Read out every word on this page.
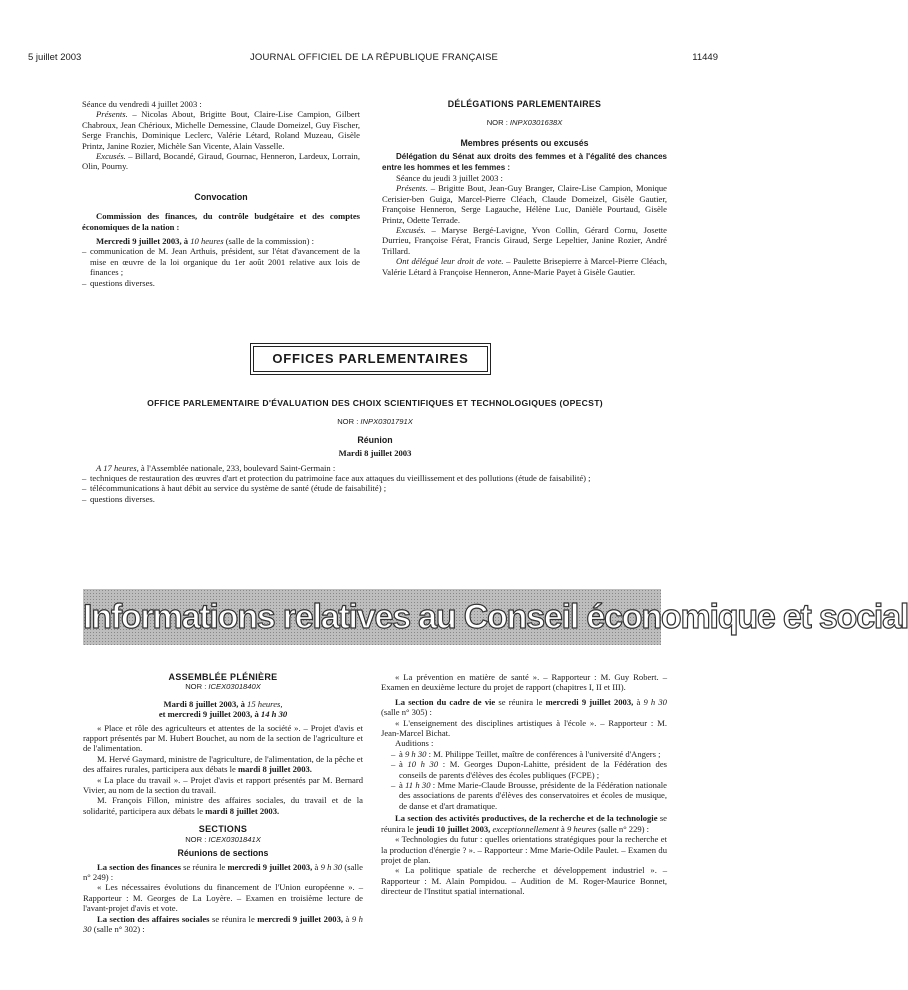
5 juillet 2003	JOURNAL OFFICIEL DE LA RÉPUBLIQUE FRANÇAISE	11449

Séance du vendredi 4 juillet 2003 :

Présents. – Nicolas About, Brigitte Bout, Claire-Lise Campion, Gilbert Chabroux, Jean Chérioux, Michelle Demessine, Claude Domeizel, Guy Fischer, Serge Franchis, Dominique Leclerc, Valérie Létard, Roland Muzeau, Gisèle Printz, Janine Rozier, Michèle San Vicente, Alain Vasselle.

Excusés. – Billard, Bocandé, Giraud, Gournac, Henneron, Lardeux, Lorrain, Olin, Pourny.

Convocation

Commission des finances, du contrôle budgétaire et des comptes économiques de la nation :

Mercredi 9 juillet 2003, à 10 heures (salle de la commission) :

– communication de M. Jean Arthuis, président, sur l'état d'avancement de la mise en œuvre de la loi organique du 1er août 2001 relative aux lois de finances ;
– questions diverses.

DÉLÉGATIONS PARLEMENTAIRES

NOR : INPX0301638X

Membres présents ou excusés

Délégation du Sénat aux droits des femmes et à l'égalité des chances entre les hommes et les femmes :

Séance du jeudi 3 juillet 2003 :

Présents. – Brigitte Bout, Jean-Guy Branger, Claire-Lise Campion, Monique Cerisier-ben Guiga, Marcel-Pierre Cléach, Claude Domeizel, Gisèle Gautier, Françoise Henneron, Serge Lagauche, Hélène Luc, Danièle Pourtaud, Gisèle Printz, Odette Terrade.

Excusés. – Maryse Bergé-Lavigne, Yvon Collin, Gérard Cornu, Josette Durrieu, Françoise Férat, Francis Giraud, Serge Lepeltier, Janine Rozier, André Trillard.

Ont délégué leur droit de vote. – Paulette Brisepierre à Marcel-Pierre Cléach, Valérie Létard à Françoise Henneron, Anne-Marie Payet à Gisèle Gautier.

OFFICES PARLEMENTAIRES

OFFICE PARLEMENTAIRE D'ÉVALUATION DES CHOIX SCIENTIFIQUES ET TECHNOLOGIQUES (OPECST)

NOR : INPX0301791X

Réunion

Mardi 8 juillet 2003

A 17 heures, à l'Assemblée nationale, 233, boulevard Saint-Germain :

– techniques de restauration des œuvres d'art et protection du patrimoine face aux attaques du vieillissement et des pollutions (étude de faisabilité) ;
– télécommunications à haut débit au service du système de santé (étude de faisabilité) ;
– questions diverses.
Informations relatives au Conseil économique et social

ASSEMBLÉE PLÉNIÈRE

NOR : ICEX0301840X

Mardi 8 juillet 2003, à 15 heures,

et mercredi 9 juillet 2003, à 14 h 30

« Place et rôle des agriculteurs et attentes de la société ». – Projet d'avis et rapport présentés par M. Hubert Bouchet, au nom de la section de l'agriculture et de l'alimentation.

M. Hervé Gaymard, ministre de l'agriculture, de l'alimentation, de la pêche et des affaires rurales, participera aux débats le mardi 8 juillet 2003.

« La place du travail ». – Projet d'avis et rapport présentés par M. Bernard Vivier, au nom de la section du travail.

M. François Fillon, ministre des affaires sociales, du travail et de la solidarité, participera aux débats le mardi 8 juillet 2003.

SECTIONS

NOR : ICEX0301841X

Réunions de sections

La section des finances se réunira le mercredi 9 juillet 2003, à 9 h 30 (salle n° 249) :

« Les nécessaires évolutions du financement de l'Union européenne ». – Rapporteur : M. Georges de La Loyère. – Examen en troisième lecture de l'avant-projet d'avis et vote.

La section des affaires sociales se réunira le mercredi 9 juillet 2003, à 9 h 30 (salle n° 302) :

« La prévention en matière de santé ». – Rapporteur : M. Guy Robert. – Examen en deuxième lecture du projet de rapport (chapitres I, II et III).

La section du cadre de vie se réunira le mercredi 9 juillet 2003, à 9 h 30 (salle n° 305) :

« L'enseignement des disciplines artistiques à l'école ». – Rapporteur : M. Jean-Marcel Bichat.

Auditions :

– à 9 h 30 : M. Philippe Teillet, maître de conférences à l'université d'Angers ;
– à 10 h 30 : M. Georges Dupon-Lahitte, président de la Fédération des conseils de parents d'élèves des écoles publiques (FCPE) ;
– à 11 h 30 : Mme Marie-Claude Brousse, présidente de la Fédération nationale des associations de parents d'élèves des conservatoires et écoles de musique, de danse et d'art dramatique.

La section des activités productives, de la recherche et de la technologie se réunira le jeudi 10 juillet 2003, exceptionnellement à 9 heures (salle n° 229) :

« Technologies du futur : quelles orientations stratégiques pour la recherche et la production d'énergie ? ». – Rapporteur : Mme Marie-Odile Paulet. – Examen du projet de plan.

« La politique spatiale de recherche et développement industriel ». – Rapporteur : M. Alain Pompidou. – Audition de M. Roger-Maurice Bonnet, directeur de l'Institut spatial international.
